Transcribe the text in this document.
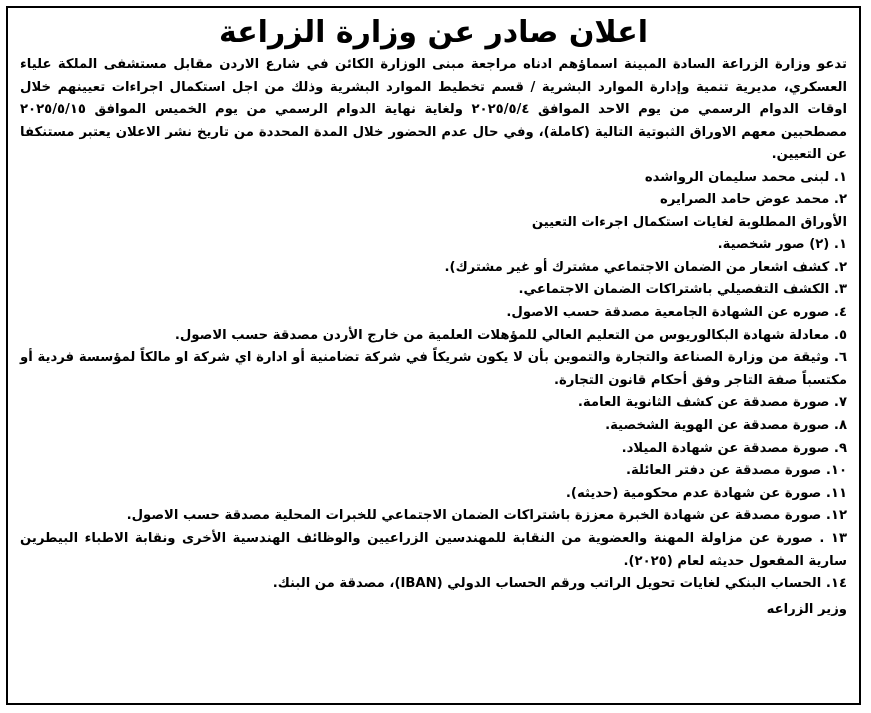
اعلان صادر عن وزارة الزراعة

تدعو وزارة الزراعة السادة المبينة اسماؤهم ادناه مراجعة مبنى الوزارة الكائن في شارع الاردن مقابل مستشفى الملكة علياء العسكري، مديرية تنمية وإدارة الموارد البشرية / قسم تخطيط الموارد البشرية وذلك من اجل استكمال اجراءات تعيينهم خلال اوقات الدوام الرسمي من يوم الاحد الموافق ٢٠٢٥/٥/٤ ولغاية نهاية الدوام الرسمي من يوم الخميس الموافق ٢٠٢٥/٥/١٥ مصطحبين معهم الاوراق الثبوتية التالية (كاملة)، وفي حال عدم الحضور خلال المدة المحددة من تاريخ نشر الاعلان يعتبر مستنكفا عن التعيين.

١. لبنى محمد سليمان الرواشده

٢. محمد عوض حامد الصرايره

الأوراق المطلوبة لغايات استكمال اجرءات التعيين

١. (٢) صور شخصية.

٢. كشف اشعار من الضمان الاجتماعي مشترك أو غير مشترك).

٣. الكشف التفصيلي باشتراكات الضمان الاجتماعي.

٤. صوره عن الشهادة الجامعية مصدقة حسب الاصول.

٥. معادلة شهادة البكالوريوس من التعليم العالي للمؤهلات العلمية من خارج الأردن مصدقة حسب الاصول.

٦. وثيقة من وزارة الصناعة والتجارة والتموين بأن لا يكون شريكاً في شركة تضامنية أو ادارة اي شركة او مالكاً لمؤسسة فردية أو مكتسباً صفة التاجر وفق أحكام قانون التجارة.

٧. صورة مصدقة عن كشف الثانوية العامة.

٨. صورة مصدقة عن الهوية الشخصية.

٩. صورة مصدقة عن شهادة الميلاد.

١٠. صورة مصدقة عن دفتر العائلة.

١١. صورة عن شهادة عدم محكومية (حديثه).

١٢. صورة مصدقة عن شهادة الخبرة معززة باشتراكات الضمان الاجتماعي للخبرات المحلية مصدقة حسب الاصول.

١٣ . صورة عن مزاولة المهنة والعضوية من النقابة للمهندسين الزراعيين والوظائف الهندسية الأخرى ونقابة الاطباء البيطرين سارية المفعول حديثه لعام (٢٠٢٥).

١٤. الحساب البنكي لغايات تحويل الراتب ورقم الحساب الدولي (IBAN)، مصدقة من البنك.

وزير الزراعه
